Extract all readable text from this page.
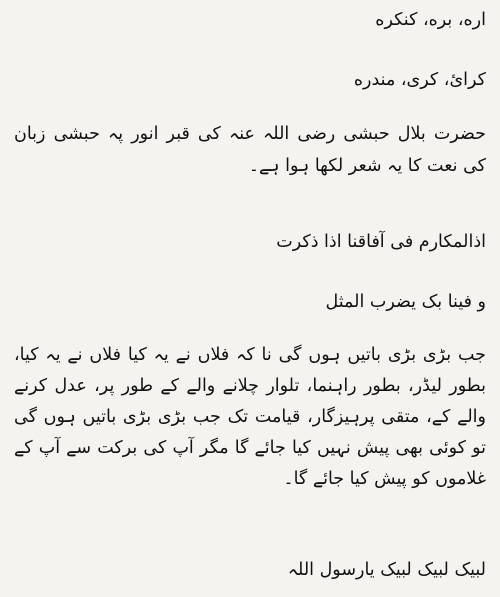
اره، بره، کنکره

کرائ، کری، مندره

حضرت بلال حبشی رضی اللہ عنہ کی قبر انور پہ حبشی زبان کی نعت کا یہ شعر لکھا ہوا ہے۔

اذالمکارم فی آفاقنا اذا ذکرت

و فینا بک یضرب المثل

جب بڑی بڑی باتیں ہوں گی نا کہ فلاں نے یہ کیا فلاں نے یہ کیا، بطور لیڈر، بطور راہنما، تلوار چلانے والے کے طور پر، عدل کرنے والے کے، متقی پرہیزگار، قیامت تک جب بڑی بڑی باتیں ہوں گی تو کوئی بھی پیش نہیں کیا جائے گا مگر آپ کی برکت سے آپ کے غلاموں کو پیش کیا جائے گا۔

لبیک لبیک لبیک یارسول اللہ
